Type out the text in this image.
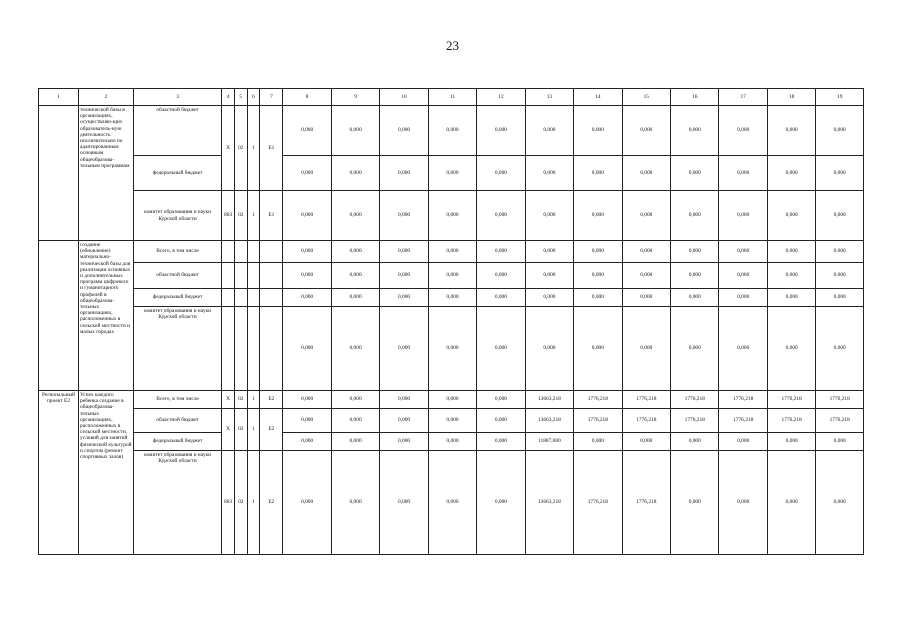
23
1	2	3	4	5	6	7	8	9	10	11	12	13	14	15	16	17	18	19
	технической базы в организациях, осуществляю-щих образователь-ную деятельность исключительно по адаптированным основным общеобразова-тельным программам	областной бюджет	Х	02	1	Е1	0,000	0,000	0,000	0,000	0,000	0,000	0,000	0,000	0,000	0,000	0,000	0,000
		федеральный бюджет					0,000	0,000	0,000	0,000	0,000	0,000	0,000	0,000	0,000	0,000	0,000	0,000
		комитет образования и науки Курской области	803	02	1	Е1	0,000	0,000	0,000	0,000	0,000	0,000	0,000	0,000	0,000	0,000	0,000	0,000
	создание (обновление) материально-технической базы для реализации основных и дополнительных программ цифрового и гуманитарного профилей в общеобразова-тельных организациях, расположенных в сельской местности и малых городах	Всего, в том числе					0,000	0,000	0,000	0,000	0,000	0,000	0,000	0,000	0,000	0,000	0,000	0,000
		областной бюджет					0,000	0,000	0,000	0,000	0,000	0,000	0,000	0,000	0,000	0,000	0,000	0,000
		федеральный бюджет					0,000	0,000	0,000	0,000	0,000	0,000	0,000	0,000	0,000	0,000	0,000	0,000
		комитет образования и науки Курской области					0,000	0,000	0,000	0,000	0,000	0,000	0,000	0,000	0,000	0,000	0,000	0,000
Региональный проект Е2	Успех каждого ребенка создание в общеобразова-тельных организациях, расположенных в сельской местности, условий для занятий физической культурой и спортом (ремонт спортивных залов)	Всего, в том числе	Х	02	1	Е2	0,000	0,000	0,000	0,000	0,000	13663,218	1776,218	1776,218	1776,218	1776,218	1776,218	1776,218
		областной бюджет	Х	02	1	Е2	0,000	0,000	0,000	0,000	0,000	13663,218	1776,218	1776,218	1776,218	1776,218	1776,218	1776,218
		федеральный бюджет					0,000	0,000	0,000	0,000	0,000	11887,000	0,000	0,000	0,000	0,000	0,000	0,000
		комитет образования и науки Курской области	803	02	1	Е2	0,000	0,000	0,000	0,000	0,000	13663,218	1776,218	1776,218	0,000	0,000	0,000	0,000
